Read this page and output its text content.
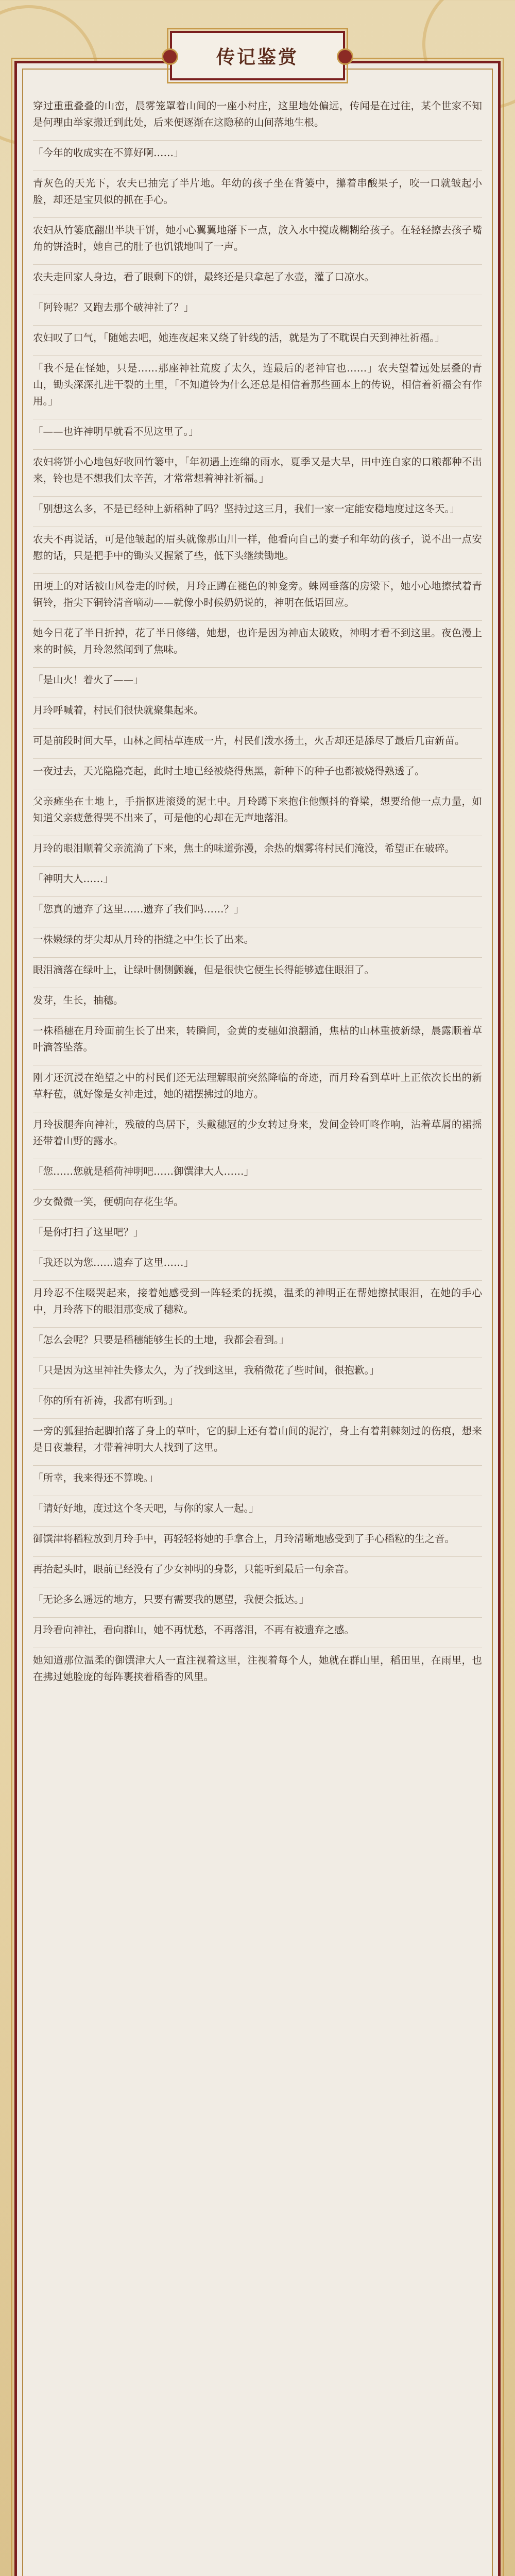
传记鉴赏

穿过重重叠叠的山峦，晨雾笼罩着山间的一座小村庄，这里地处偏远，传闻是在过往，某个世家不知是何理由举家搬迁到此处，后来便逐渐在这隐秘的山间落地生根。

「今年的收成实在不算好啊……」

青灰色的天光下，农夫已抽完了半片地。年幼的孩子坐在背篓中，攥着串酸果子，咬一口就皱起小脸，却还是宝贝似的抓在手心。

农妇从竹篓底翻出半块干饼，她小心翼翼地掰下一点，放入水中搅成糊糊给孩子。在轻轻擦去孩子嘴角的饼渣时，她自己的肚子也饥饿地叫了一声。

农夫走回家人身边，看了眼剩下的饼，最终还是只拿起了水壶，灌了口凉水。

「阿铃呢？又跑去那个破神社了？」

农妇叹了口气，「随她去吧，她连夜起来又绕了针线的活，就是为了不耽误白天到神社祈福。」

「我不是在怪她，只是……那座神社荒废了太久，连最后的老神官也……」农夫望着远处层叠的青山，锄头深深扎进干裂的土里，「不知道铃为什么还总是相信着那些画本上的传说，相信着祈福会有作用。」

「——也许神明早就看不见这里了。」

农妇将饼小心地包好收回竹篓中，「年初遇上连绵的雨水，夏季又是大旱，田中连自家的口粮都种不出来，铃也是不想我们太辛苦，才常常想着神社祈福。」

「别想这么多，不是已经种上新稻种了吗？坚持过这三月，我们一家一定能安稳地度过这冬天。」

农夫不再说话，可是他皱起的眉头就像那山川一样，他看向自己的妻子和年幼的孩子，说不出一点安慰的话，只是把手中的锄头又握紧了些，低下头继续锄地。

田埂上的对话被山风卷走的时候，月玲正蹲在褪色的神龛旁。蛛网垂落的房梁下，她小心地擦拭着青铜铃，指尖下铜铃清音嘀动——就像小时候奶奶说的，神明在低语回应。

她今日花了半日折掉，花了半日修缮，她想，也许是因为神庙太破败，神明才看不到这里。夜色漫上来的时候，月玲忽然闻到了焦味。

「是山火！着火了——」

月玲呼喊着，村民们很快就聚集起来。

可是前段时间大旱，山林之间枯草连成一片，村民们泼水扬土，火舌却还是舔尽了最后几亩新苗。

一夜过去，天光隐隐亮起，此时土地已经被烧得焦黑，新种下的种子也都被烧得熟透了。

父亲瘫坐在土地上，手指抠进滚烫的泥土中。月玲蹲下来抱住他颤抖的脊梁，想要给他一点力量，如知道父亲疲惫得哭不出来了，可是他的心却在无声地落泪。

月玲的眼泪顺着父亲流淌了下来，焦土的味道弥漫，余热的烟雾将村民们淹没，希望正在破碎。

「神明大人……」

「您真的遗弃了这里……遗弃了我们吗……？」

一株嫩绿的芽尖却从月玲的指缝之中生长了出来。

眼泪滴落在绿叶上，让绿叶侧侧颤巍，但是很快它便生长得能够遮住眼泪了。

发芽，生长，抽穗。

一株稻穗在月玲面前生长了出来，转瞬间，金黄的麦穗如浪翻涌，焦枯的山林重披新绿，晨露顺着草叶滴答坠落。

刚才还沉浸在绝望之中的村民们还无法理解眼前突然降临的奇迹，而月玲看到草叶上正依次长出的新草籽苞，就好像是女神走过，她的裙摆拂过的地方。

月玲拔腿奔向神社，残破的鸟居下，头戴穗冠的少女转过身来，发间金铃叮咚作响，沾着草屑的裙摇还带着山野的露水。

「您……您就是稻荷神明吧……御馔津大人……」

少女微微一笑，便朝向存花生华。

「是你打扫了这里吧？」

「我还以为您……遗弃了这里……」

月玲忍不住啜哭起来，接着她感受到一阵轻柔的抚摸，温柔的神明正在帮她擦拭眼泪，在她的手心中，月玲落下的眼泪那变成了穗粒。

「怎么会呢？只要是稻穗能够生长的土地，我都会看到。」

「只是因为这里神社失修太久，为了找到这里，我稍微花了些时间，很抱歉。」

「你的所有祈祷，我都有听到。」

一旁的狐狸抬起脚拍落了身上的草叶，它的脚上还有着山间的泥泞，身上有着荆棘刻过的伤痕，想来是日夜兼程，才带着神明大人找到了这里。

「所幸，我来得还不算晚。」

「请好好地，度过这个冬天吧，与你的家人一起。」

御馔津将稻粒放到月玲手中，再轻轻将她的手拿合上，月玲清晰地感受到了手心稻粒的生之音。

再抬起头时，眼前已经没有了少女神明的身影，只能听到最后一句余音。

「无论多么遥远的地方，只要有需要我的愿望，我便会抵达。」

月玲看向神社，看向群山，她不再忧愁，不再落泪，不再有被遗弃之感。

她知道那位温柔的御馔津大人一直注视着这里，注视着每个人，她就在群山里，稻田里，在雨里，也在拂过她脸庞的每阵裹挟着稻香的风里。
